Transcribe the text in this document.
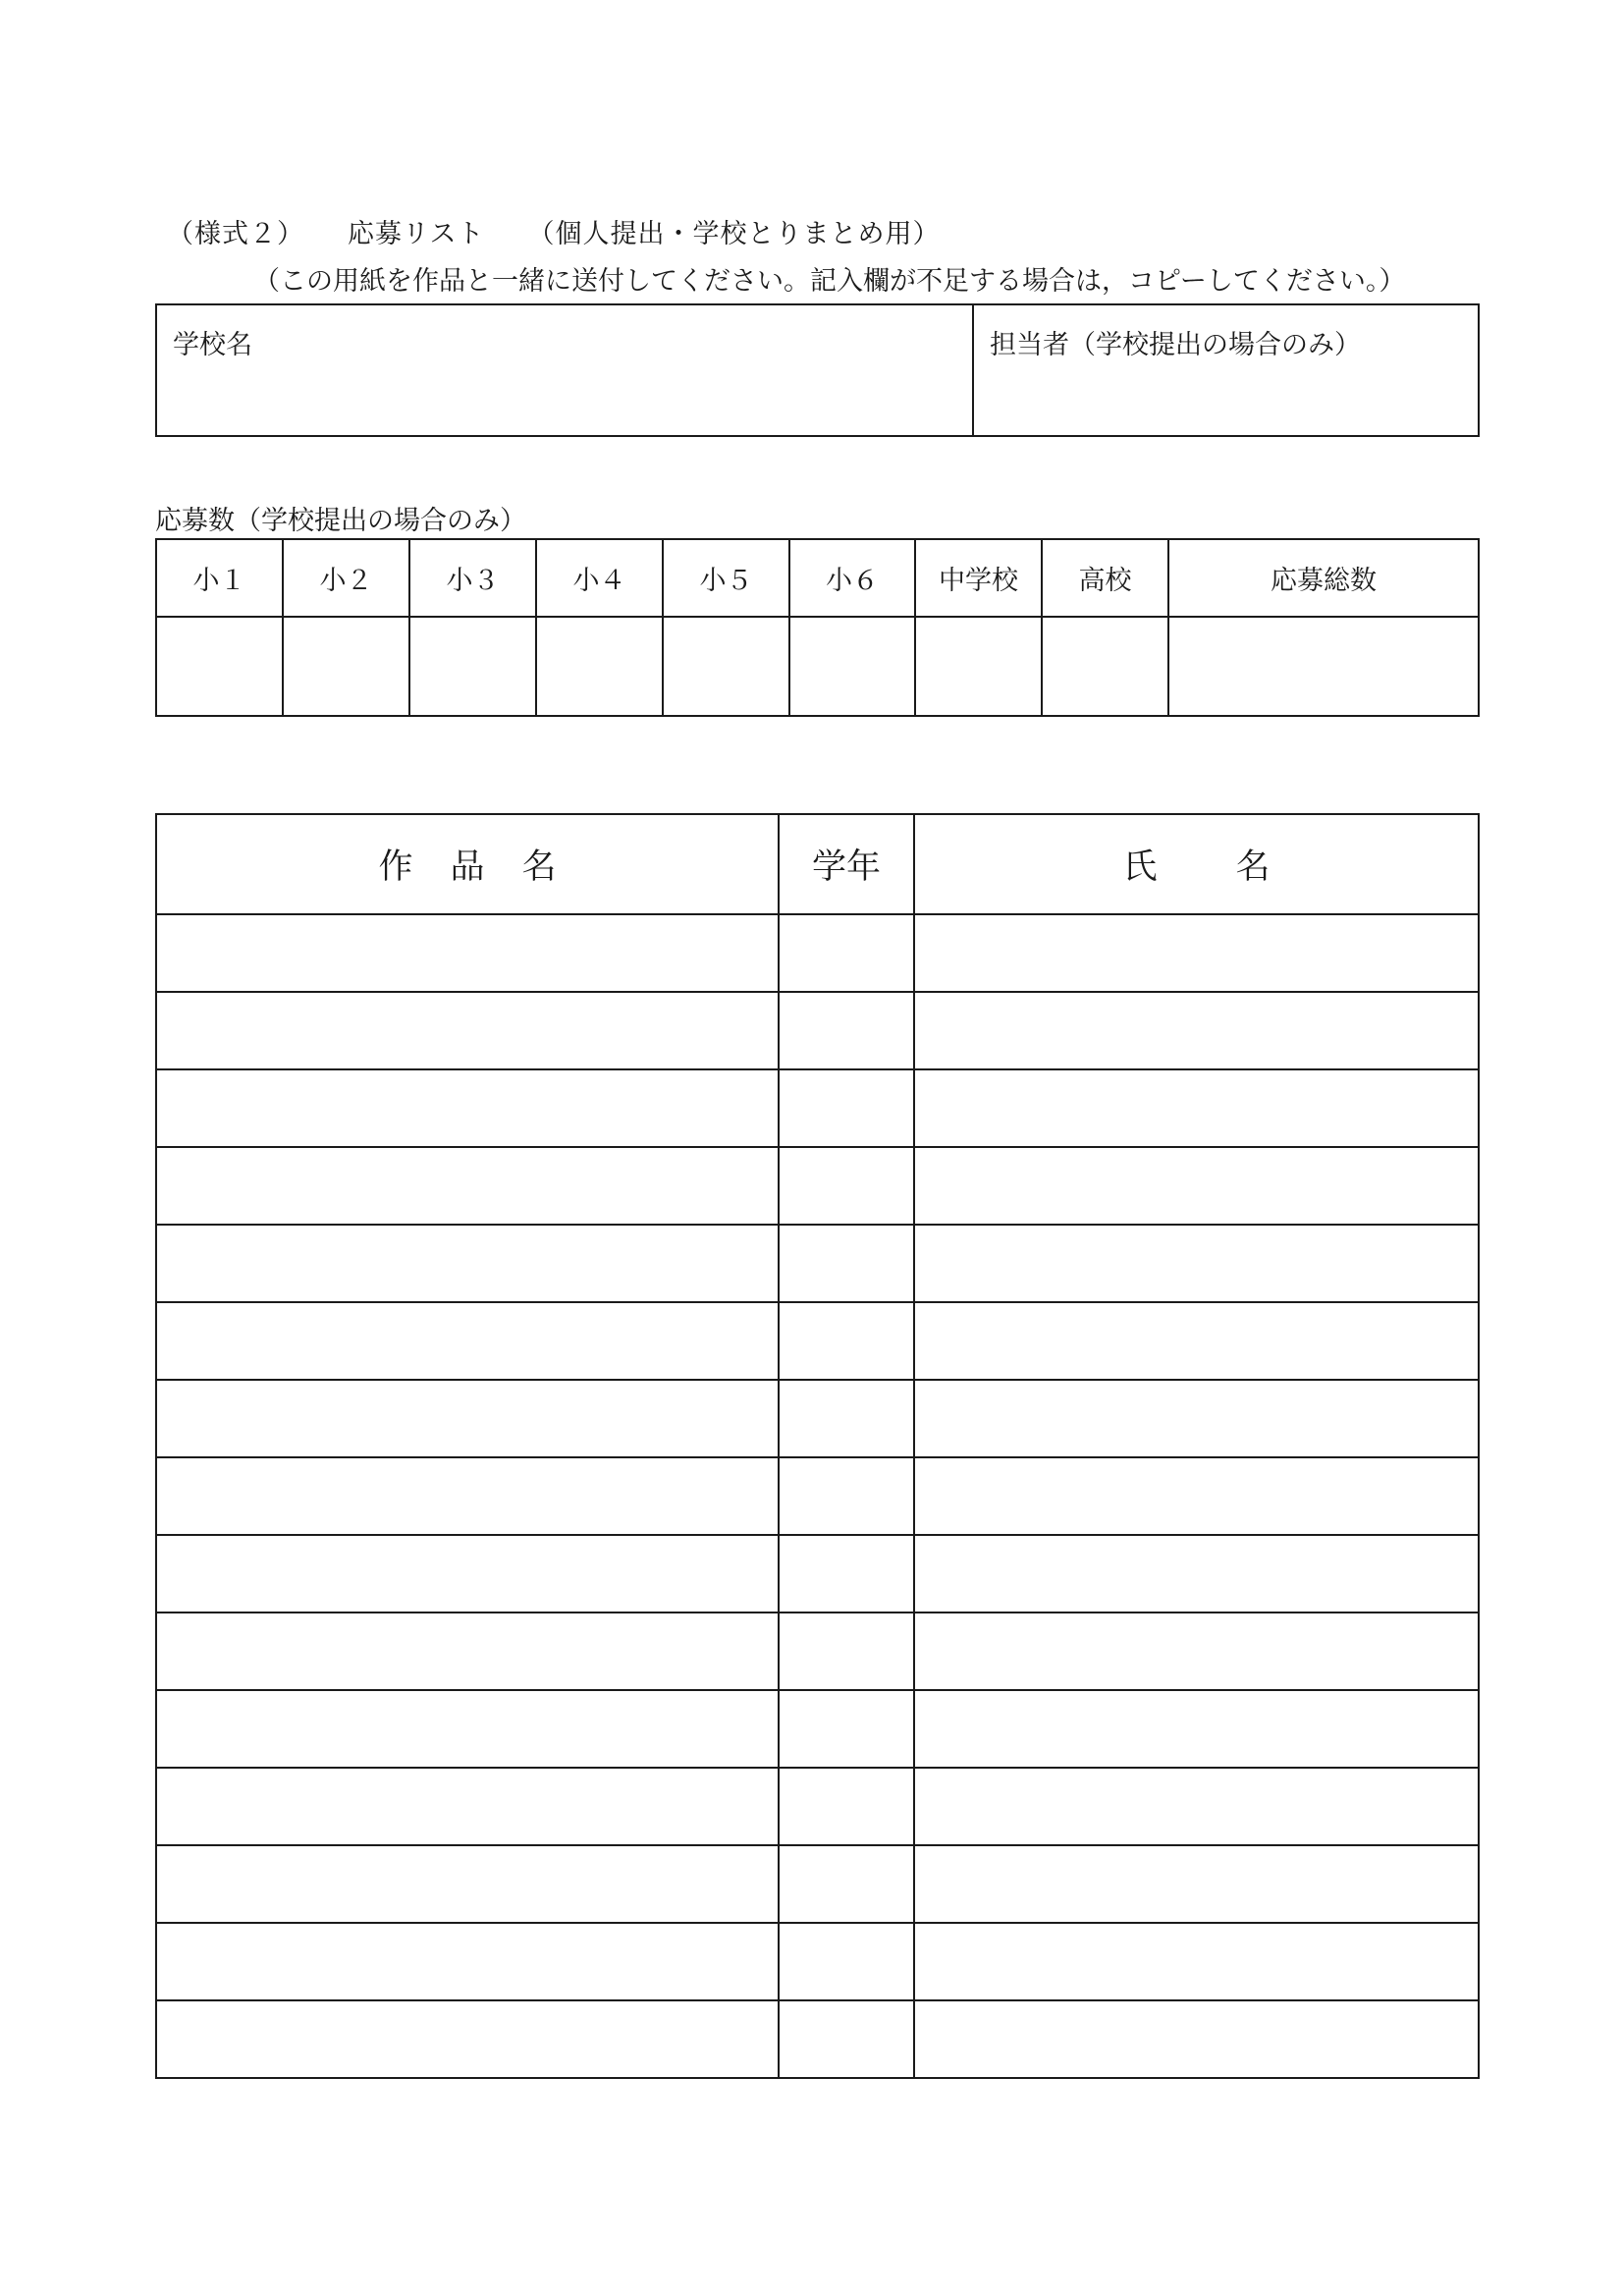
（様式２） 応募リスト （個人提出・学校とりまとめ用）
（この用紙を作品と一緒に送付してください。記入欄が不足する場合は，コピーしてください。）
学校名	担当者（学校提出の場合のみ）
応募数（学校提出の場合のみ）
小１	小２	小３	小４	小５	小６	中学校	高校	応募総数

作品名	学年	氏名
